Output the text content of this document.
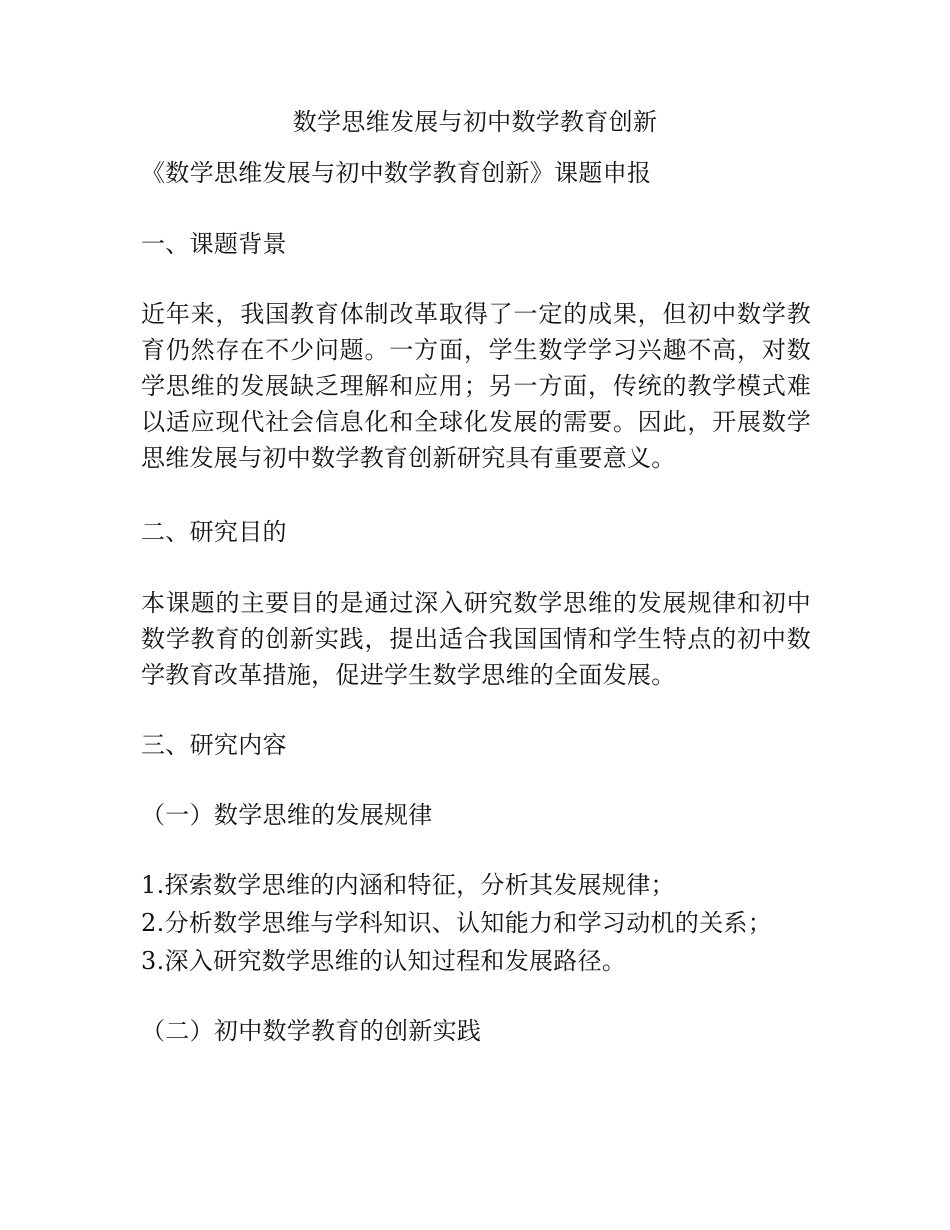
数学思维发展与初中数学教育创新
《数学思维发展与初中数学教育创新》课题申报
一、课题背景
近年来，我国教育体制改革取得了一定的成果，但初中数学教育仍然存在不少问题。一方面，学生数学学习兴趣不高，对数学思维的发展缺乏理解和应用；另一方面，传统的教学模式难以适应现代社会信息化和全球化发展的需要。因此，开展数学思维发展与初中数学教育创新研究具有重要意义。
二、研究目的
本课题的主要目的是通过深入研究数学思维的发展规律和初中数学教育的创新实践，提出适合我国国情和学生特点的初中数学教育改革措施，促进学生数学思维的全面发展。
三、研究内容
（一）数学思维的发展规律
1.探索数学思维的内涵和特征，分析其发展规律；
2.分析数学思维与学科知识、认知能力和学习动机的关系；
3.深入研究数学思维的认知过程和发展路径。
（二）初中数学教育的创新实践
